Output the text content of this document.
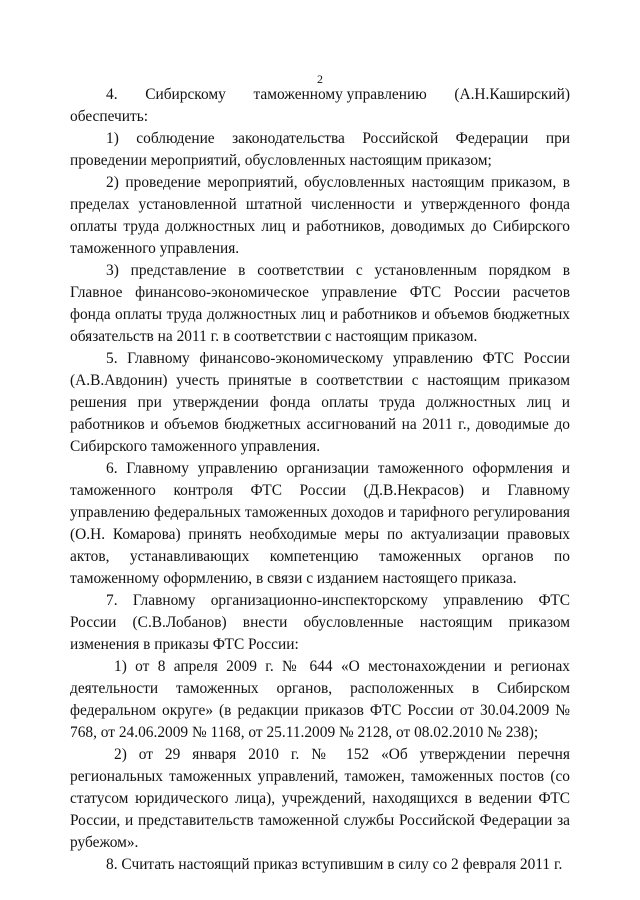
2
4. Сибирскому таможенному управлению (А.Н.Каширский)

обеспечить:

1) соблюдение законодательства Российской Федерации при проведении мероприятий, обусловленных настоящим приказом;

2) проведение мероприятий, обусловленных настоящим приказом, в пределах установленной штатной численности и утвержденного фонда оплаты труда должностных лиц и работников, доводимых до Сибирского таможенного управления.

3) представление в соответствии с установленным порядком в Главное финансово-экономическое управление ФТС России расчетов фонда оплаты труда должностных лиц и работников и объемов бюджетных обязательств на 2011 г. в соответствии с настоящим приказом.

5. Главному финансово-экономическому управлению ФТС России (А.В.Авдонин) учесть принятые в соответствии с настоящим приказом решения при утверждении фонда оплаты труда должностных лиц и работников и объемов бюджетных ассигнований на 2011 г., доводимые до Сибирского таможенного управления.

6. Главному управлению организации таможенного оформления и таможенного контроля ФТС России (Д.В.Некрасов) и Главному управлению федеральных таможенных доходов и тарифного регулирования (О.Н. Комарова) принять необходимые меры по актуализации правовых актов, устанавливающих компетенцию таможенных органов по таможенному оформлению, в связи с изданием настоящего приказа.

7. Главному организационно-инспекторскому управлению ФТС России (С.В.Лобанов) внести обусловленные настоящим приказом изменения в приказы ФТС России:

1) от 8 апреля 2009 г. № 644 «О местонахождении и регионах деятельности таможенных органов, расположенных в Сибирском федеральном округе» (в редакции приказов ФТС России от 30.04.2009 № 768, от 24.06.2009 № 1168, от 25.11.2009 № 2128, от 08.02.2010 № 238);

2) от 29 января 2010 г. № 152 «Об утверждении перечня региональных таможенных управлений, таможен, таможенных постов (со статусом юридического лица), учреждений, находящихся в ведении ФТС России, и представительств таможенной службы Российской Федерации за рубежом».

8. Считать настоящий приказ вступившим в силу со 2 февраля 2011 г.
